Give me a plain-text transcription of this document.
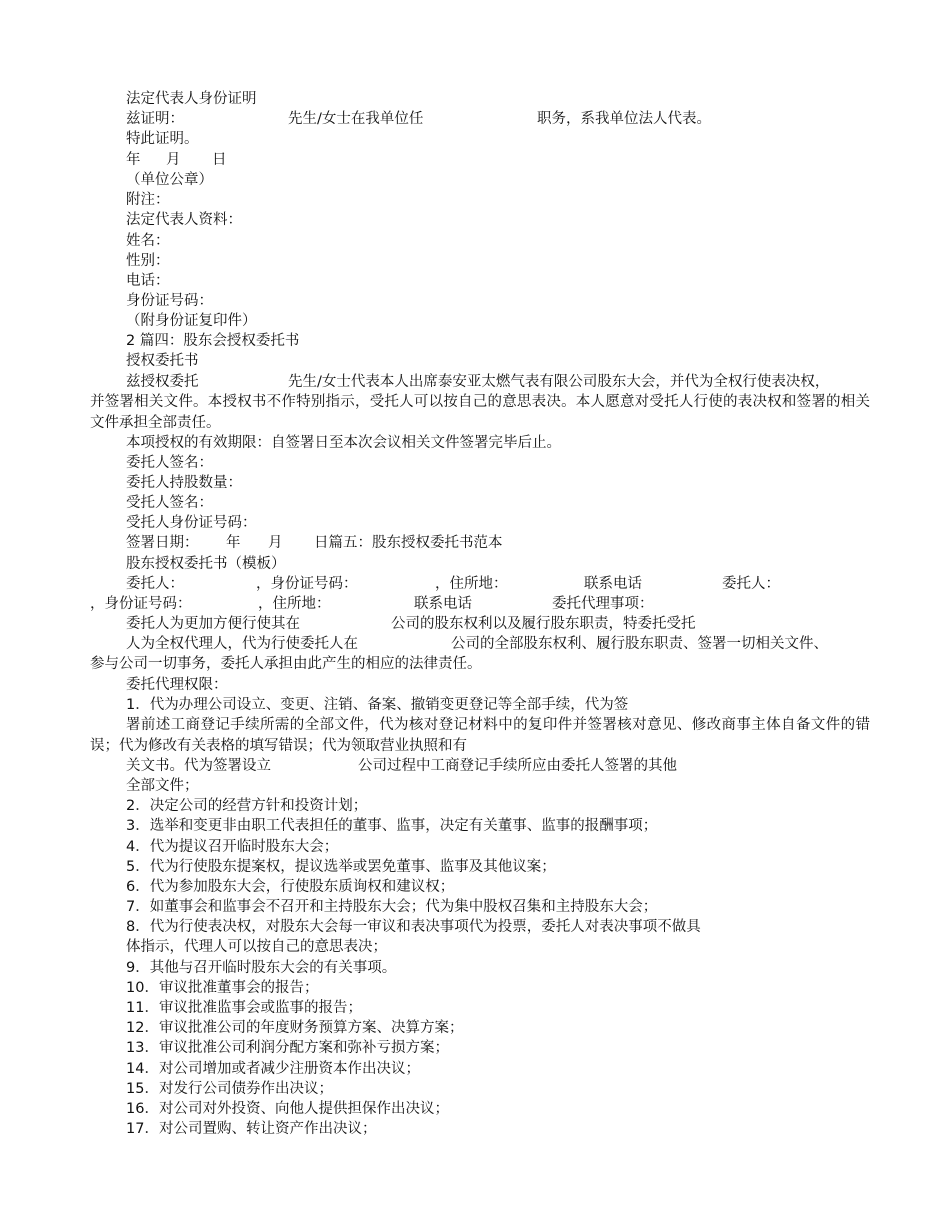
法定代表人身份证明
兹证明：	先生/女士在我单位任	职务，系我单位法人代表。
特此证明。
年 月 日
（单位公章）
附注：
法定代表人资料：
姓名：
性别：
电话：
身份证号码：
（附身份证复印件）
2 篇四：股东会授权委托书
授权委托书
兹授权委托	先生/女士代表本人出席泰安亚太燃气表有限公司股东大会，并代为全权行使表决权，
并签署相关文件。本授权书不作特别指示，受托人可以按自己的意思表决。本人愿意对受托人行使的表决权和签署的相关文件承担全部责任。
本项授权的有效期限：自签署日至本次会议相关文件签署完毕后止。
委托人签名：
委托人持股数量：
受托人签名：
受托人身份证号码：
签署日期： 年 月 日篇五：股东授权委托书范本
股东授权委托书（模板）
委托人：	，身份证号码：	，住所地：	联系电话	委托人：
，身份证号码：	，住所地：	联系电话	委托代理事项：
委托人为更加方便行使其在	公司的股东权利以及履行股东职责，特委托受托
人为全权代理人，代为行使委托人在	公司的全部股东权利、履行股东职责、签署一切相关文件、
参与公司一切事务，委托人承担由此产生的相应的法律责任。
委托代理权限：
1．代为办理公司设立、变更、注销、备案、撤销变更登记等全部手续，代为签
署前述工商登记手续所需的全部文件，代为核对登记材料中的复印件并签署核对意见、修改商事主体自备文件的错误；代为修改有关表格的填写错误；代为领取营业执照和有
关文书。代为签署设立	公司过程中工商登记手续所应由委托人签署的其他
全部文件；
2．决定公司的经营方针和投资计划；
3．选举和变更非由职工代表担任的董事、监事，决定有关董事、监事的报酬事项；
4．代为提议召开临时股东大会；
5．代为行使股东提案权，提议选举或罢免董事、监事及其他议案；
6．代为参加股东大会，行使股东质询权和建议权；
7．如董事会和监事会不召开和主持股东大会；代为集中股权召集和主持股东大会；
8．代为行使表决权，对股东大会每一审议和表决事项代为投票，委托人对表决事项不做具
体指示，代理人可以按自己的意思表决；
9．其他与召开临时股东大会的有关事项。
10．审议批准董事会的报告；
11．审议批准监事会或监事的报告；
12．审议批准公司的年度财务预算方案、决算方案；
13．审议批准公司利润分配方案和弥补亏损方案；
14．对公司增加或者减少注册资本作出决议；
15．对发行公司债券作出决议；
16．对公司对外投资、向他人提供担保作出决议；
17．对公司置购、转让资产作出决议；
